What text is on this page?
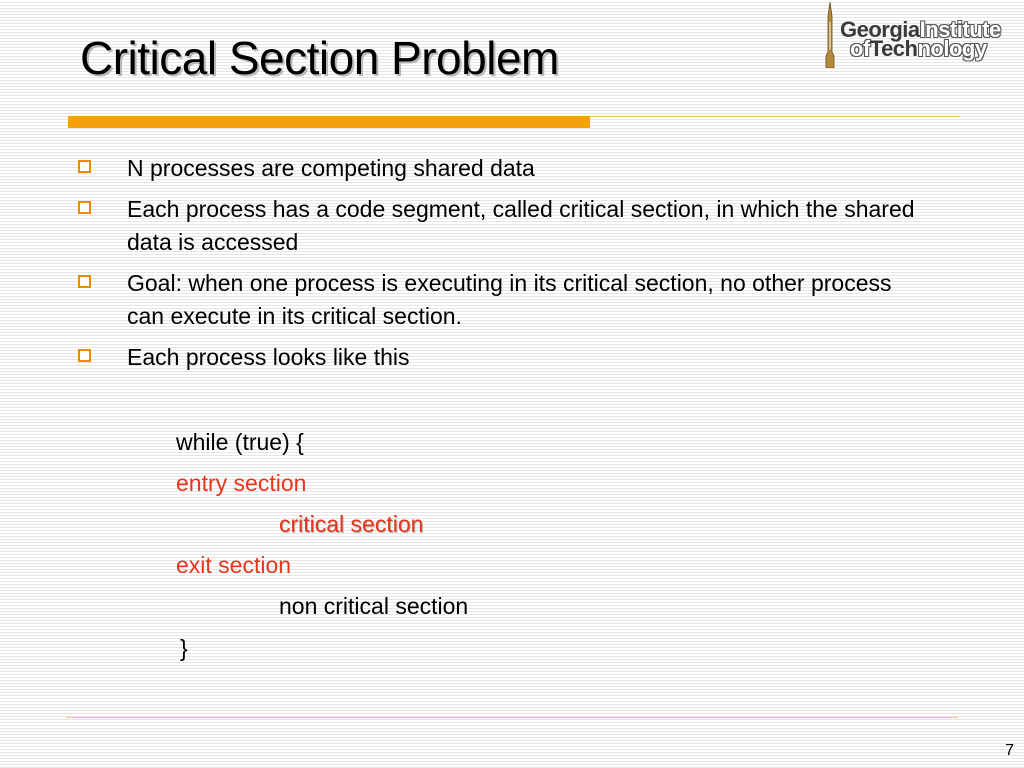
Critical Section Problem
GeorgiaInstitute
ofTechnology
N processes are competing shared data
Each process has a code segment, called critical section, in which the shared data is accessed
Goal: when one process is executing in its critical section, no other process can execute in its critical section.
Each process looks like this
while (true) {
entry section
critical section
exit section
non critical section
}
7
